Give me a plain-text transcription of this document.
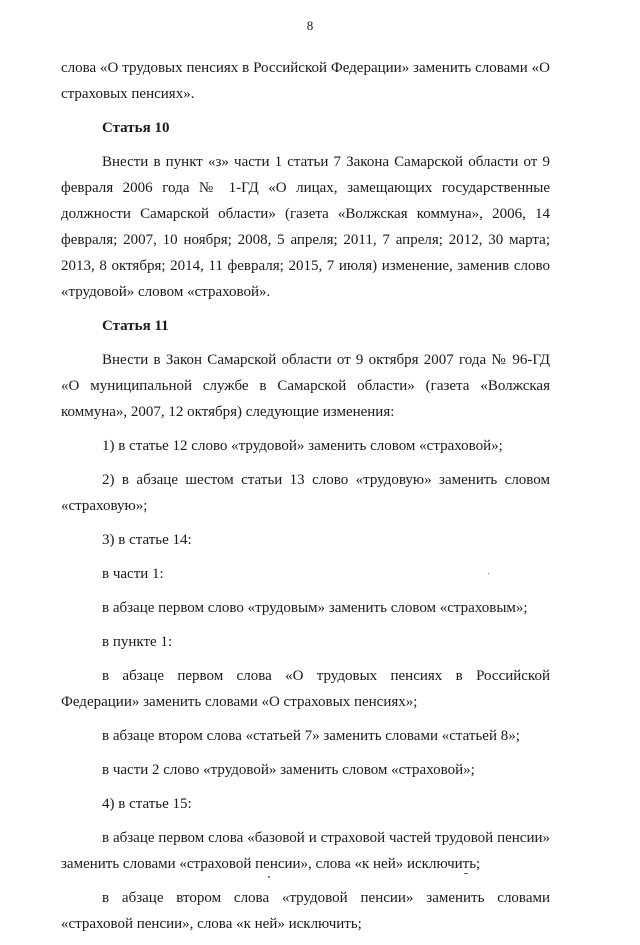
8

слова «О трудовых пенсиях в Российской Федерации» заменить словами «О страховых пенсиях».

Статья 10

Внести в пункт «з» части 1 статьи 7 Закона Самарской области от 9 февраля 2006 года № 1-ГД «О лицах, замещающих государственные должности Самарской области» (газета «Волжская коммуна», 2006, 14 февраля; 2007, 10 ноября; 2008, 5 апреля; 2011, 7 апреля; 2012, 30 марта; 2013, 8 октября; 2014, 11 февраля; 2015, 7 июля) изменение, заменив слово «трудовой» словом «страховой».

Статья 11

Внести в Закон Самарской области от 9 октября 2007 года № 96-ГД «О муниципальной службе в Самарской области» (газета «Волжская коммуна», 2007, 12 октября) следующие изменения:

1) в статье 12 слово «трудовой» заменить словом «страховой»;

2) в абзаце шестом статьи 13 слово «трудовую» заменить словом «страховую»;

3) в статье 14:

в части 1:

в абзаце первом слово «трудовым» заменить словом «страховым»;

в пункте 1:

в абзаце первом слова «О трудовых пенсиях в Российской Федерации» заменить словами «О страховых пенсиях»;

в абзаце втором слова «статьей 7» заменить словами «статьей 8»;

в части 2 слово «трудовой» заменить словом «страховой»;

4) в статье 15:

в абзаце первом слова «базовой и страховой частей трудовой пенсии» заменить словами «страховой пенсии», слова «к ней» исключить;

в абзаце втором слова «трудовой пенсии» заменить словами «страховой пенсии», слова «к ней» исключить;
